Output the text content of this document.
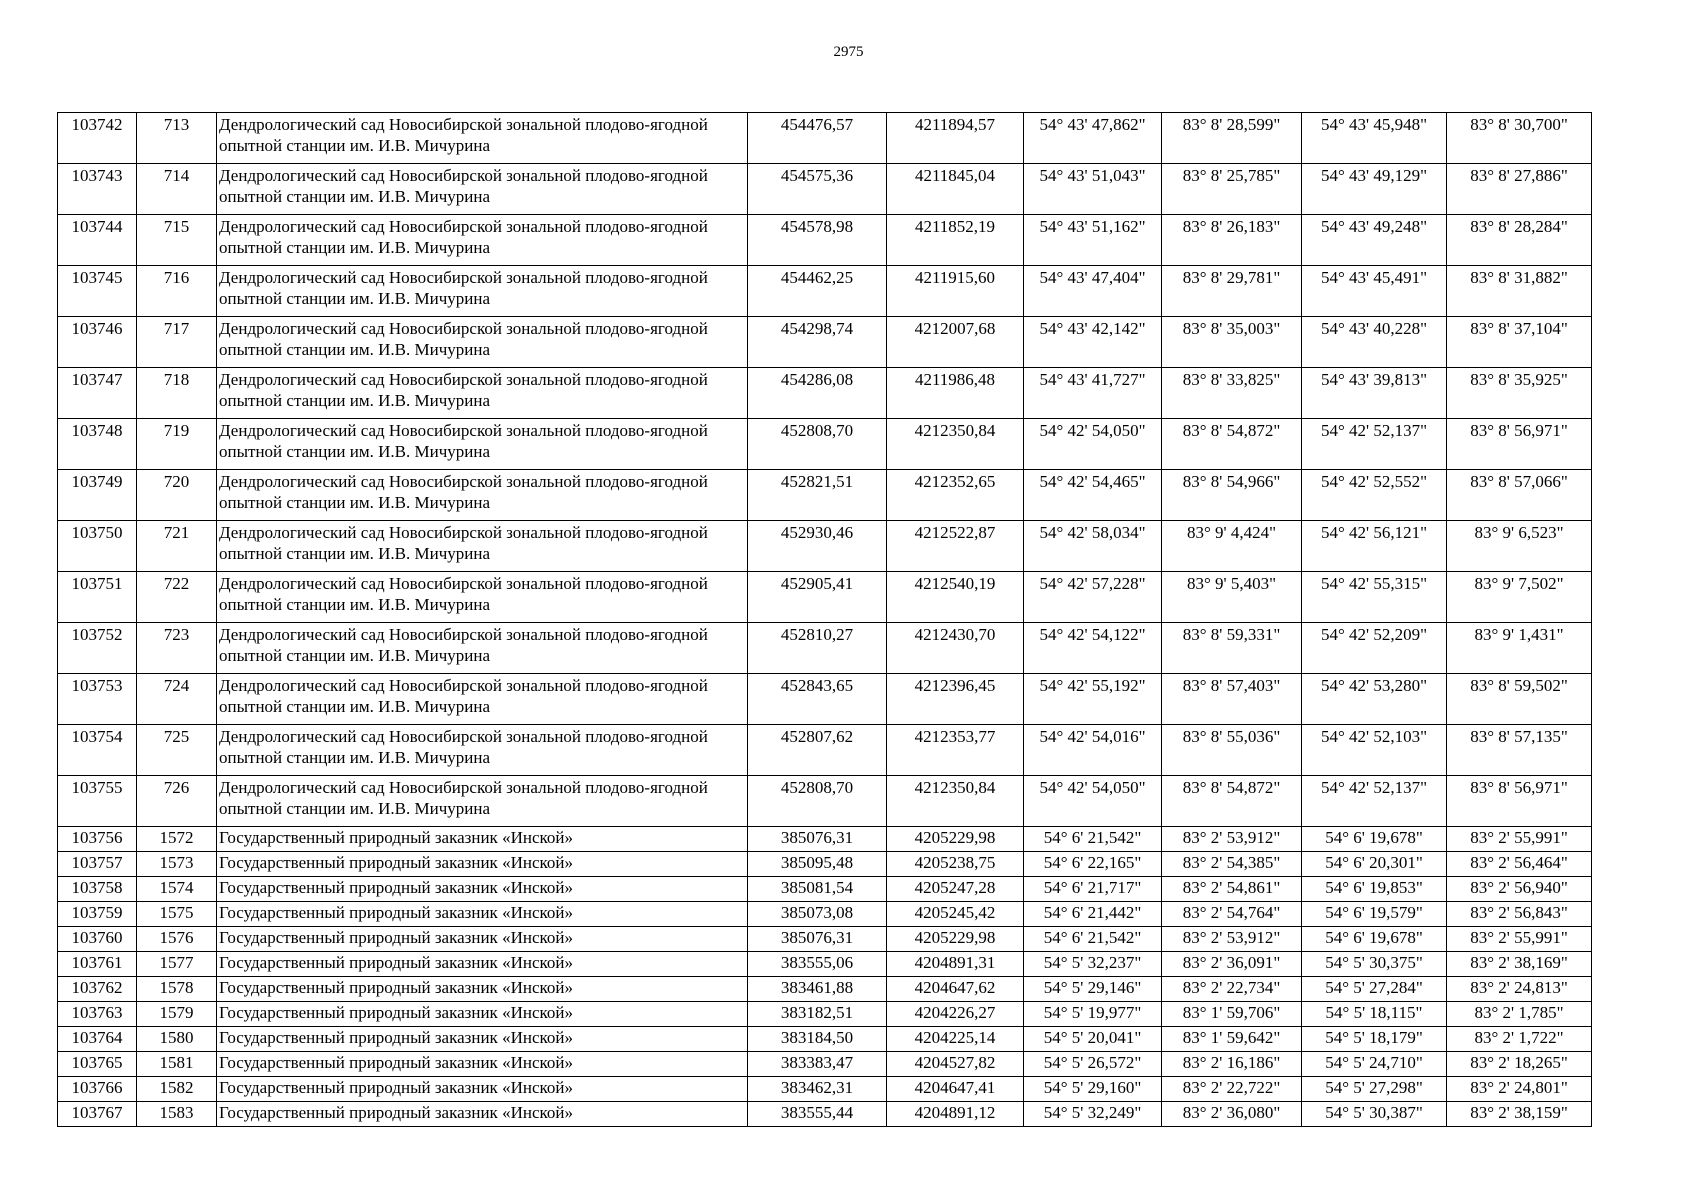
2975
103742	713	Дендрологический сад Новосибирской зональной плодово-ягодной опытной станции им. И.В. Мичурина	454476,57	4211894,57	54° 43' 47,862"	83° 8' 28,599"	54° 43' 45,948"	83° 8' 30,700"
103743	714	Дендрологический сад Новосибирской зональной плодово-ягодной опытной станции им. И.В. Мичурина	454575,36	4211845,04	54° 43' 51,043"	83° 8' 25,785"	54° 43' 49,129"	83° 8' 27,886"
103744	715	Дендрологический сад Новосибирской зональной плодово-ягодной опытной станции им. И.В. Мичурина	454578,98	4211852,19	54° 43' 51,162"	83° 8' 26,183"	54° 43' 49,248"	83° 8' 28,284"
103745	716	Дендрологический сад Новосибирской зональной плодово-ягодной опытной станции им. И.В. Мичурина	454462,25	4211915,60	54° 43' 47,404"	83° 8' 29,781"	54° 43' 45,491"	83° 8' 31,882"
103746	717	Дендрологический сад Новосибирской зональной плодово-ягодной опытной станции им. И.В. Мичурина	454298,74	4212007,68	54° 43' 42,142"	83° 8' 35,003"	54° 43' 40,228"	83° 8' 37,104"
103747	718	Дендрологический сад Новосибирской зональной плодово-ягодной опытной станции им. И.В. Мичурина	454286,08	4211986,48	54° 43' 41,727"	83° 8' 33,825"	54° 43' 39,813"	83° 8' 35,925"
103748	719	Дендрологический сад Новосибирской зональной плодово-ягодной опытной станции им. И.В. Мичурина	452808,70	4212350,84	54° 42' 54,050"	83° 8' 54,872"	54° 42' 52,137"	83° 8' 56,971"
103749	720	Дендрологический сад Новосибирской зональной плодово-ягодной опытной станции им. И.В. Мичурина	452821,51	4212352,65	54° 42' 54,465"	83° 8' 54,966"	54° 42' 52,552"	83° 8' 57,066"
103750	721	Дендрологический сад Новосибирской зональной плодово-ягодной опытной станции им. И.В. Мичурина	452930,46	4212522,87	54° 42' 58,034"	83° 9' 4,424"	54° 42' 56,121"	83° 9' 6,523"
103751	722	Дендрологический сад Новосибирской зональной плодово-ягодной опытной станции им. И.В. Мичурина	452905,41	4212540,19	54° 42' 57,228"	83° 9' 5,403"	54° 42' 55,315"	83° 9' 7,502"
103752	723	Дендрологический сад Новосибирской зональной плодово-ягодной опытной станции им. И.В. Мичурина	452810,27	4212430,70	54° 42' 54,122"	83° 8' 59,331"	54° 42' 52,209"	83° 9' 1,431"
103753	724	Дендрологический сад Новосибирской зональной плодово-ягодной опытной станции им. И.В. Мичурина	452843,65	4212396,45	54° 42' 55,192"	83° 8' 57,403"	54° 42' 53,280"	83° 8' 59,502"
103754	725	Дендрологический сад Новосибирской зональной плодово-ягодной опытной станции им. И.В. Мичурина	452807,62	4212353,77	54° 42' 54,016"	83° 8' 55,036"	54° 42' 52,103"	83° 8' 57,135"
103755	726	Дендрологический сад Новосибирской зональной плодово-ягодной опытной станции им. И.В. Мичурина	452808,70	4212350,84	54° 42' 54,050"	83° 8' 54,872"	54° 42' 52,137"	83° 8' 56,971"
103756	1572	Государственный природный заказник «Инской»	385076,31	4205229,98	54° 6' 21,542"	83° 2' 53,912"	54° 6' 19,678"	83° 2' 55,991"
103757	1573	Государственный природный заказник «Инской»	385095,48	4205238,75	54° 6' 22,165"	83° 2' 54,385"	54° 6' 20,301"	83° 2' 56,464"
103758	1574	Государственный природный заказник «Инской»	385081,54	4205247,28	54° 6' 21,717"	83° 2' 54,861"	54° 6' 19,853"	83° 2' 56,940"
103759	1575	Государственный природный заказник «Инской»	385073,08	4205245,42	54° 6' 21,442"	83° 2' 54,764"	54° 6' 19,579"	83° 2' 56,843"
103760	1576	Государственный природный заказник «Инской»	385076,31	4205229,98	54° 6' 21,542"	83° 2' 53,912"	54° 6' 19,678"	83° 2' 55,991"
103761	1577	Государственный природный заказник «Инской»	383555,06	4204891,31	54° 5' 32,237"	83° 2' 36,091"	54° 5' 30,375"	83° 2' 38,169"
103762	1578	Государственный природный заказник «Инской»	383461,88	4204647,62	54° 5' 29,146"	83° 2' 22,734"	54° 5' 27,284"	83° 2' 24,813"
103763	1579	Государственный природный заказник «Инской»	383182,51	4204226,27	54° 5' 19,977"	83° 1' 59,706"	54° 5' 18,115"	83° 2' 1,785"
103764	1580	Государственный природный заказник «Инской»	383184,50	4204225,14	54° 5' 20,041"	83° 1' 59,642"	54° 5' 18,179"	83° 2' 1,722"
103765	1581	Государственный природный заказник «Инской»	383383,47	4204527,82	54° 5' 26,572"	83° 2' 16,186"	54° 5' 24,710"	83° 2' 18,265"
103766	1582	Государственный природный заказник «Инской»	383462,31	4204647,41	54° 5' 29,160"	83° 2' 22,722"	54° 5' 27,298"	83° 2' 24,801"
103767	1583	Государственный природный заказник «Инской»	383555,44	4204891,12	54° 5' 32,249"	83° 2' 36,080"	54° 5' 30,387"	83° 2' 38,159"
